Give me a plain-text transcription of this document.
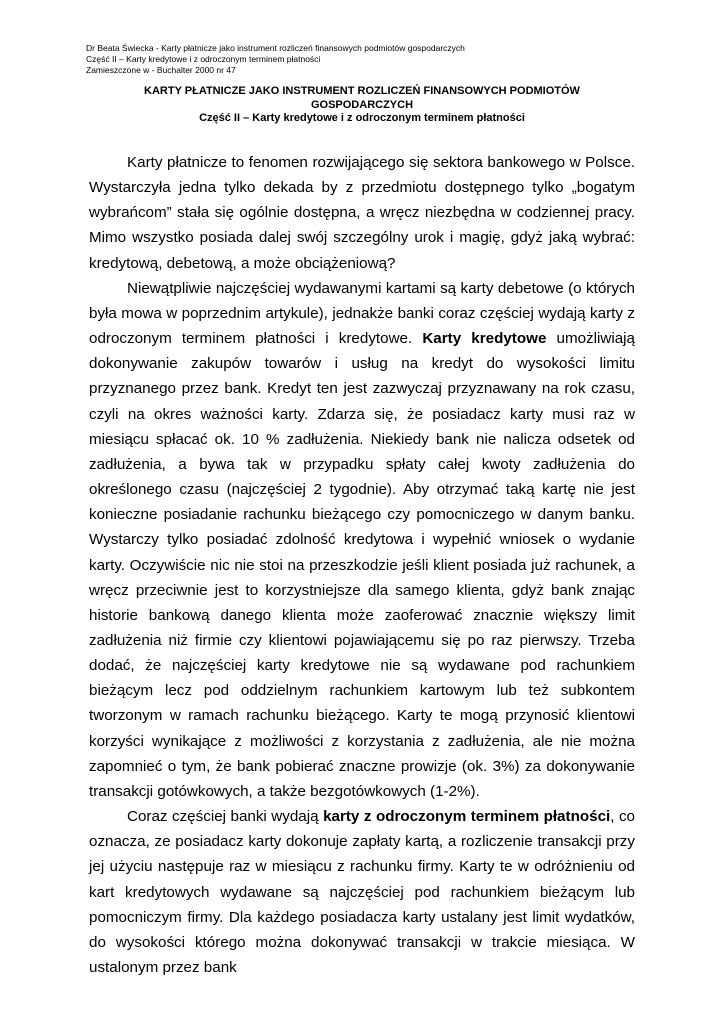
Dr Beata Świecka - Karty płatnicze jako instrument rozliczeń finansowych podmiotów gospodarczych
Część II – Karty kredytowe i z odroczonym terminem płatności
Zamieszczone w - Buchalter 2000 nr 47
KARTY PŁATNICZE JAKO INSTRUMENT ROZLICZEŃ FINANSOWYCH PODMIOTÓW
GOSPODARCZYCH
Część II – Karty kredytowe i z odroczonym terminem płatności

Karty płatnicze to fenomen rozwijającego się sektora bankowego w Polsce. Wystarczyła jedna tylko dekada by z przedmiotu dostępnego tylko „bogatym wybrańcom” stała się ogólnie dostępna, a wręcz niezbędna w codziennej pracy. Mimo wszystko posiada dalej swój szczególny urok i magię, gdyż jaką wybrać: kredytową, debetową, a może obciążeniową?

Niewątpliwie najczęściej wydawanymi kartami są karty debetowe (o których była mowa w poprzednim artykule), jednakże banki coraz częściej wydają karty z odroczonym terminem płatności i kredytowe. Karty kredytowe umożliwiają dokonywanie zakupów towarów i usług na kredyt do wysokości limitu przyznanego przez bank. Kredyt ten jest zazwyczaj przyznawany na rok czasu, czyli na okres ważności karty. Zdarza się, że posiadacz karty musi raz w miesiącu spłacać ok. 10 % zadłużenia. Niekiedy bank nie nalicza odsetek od zadłużenia, a bywa tak w przypadku spłaty całej kwoty zadłużenia do określonego czasu (najczęściej 2 tygodnie). Aby otrzymać taką kartę nie jest konieczne posiadanie rachunku bieżącego czy pomocniczego w danym banku. Wystarczy tylko posiadać zdolność kredytowa i wypełnić wniosek o wydanie karty. Oczywiście nic nie stoi na przeszkodzie jeśli klient posiada już rachunek, a wręcz przeciwnie jest to korzystniejsze dla samego klienta, gdyż bank znając historie bankową danego klienta może zaoferować znacznie większy limit zadłużenia niż firmie czy klientowi pojawiającemu się po raz pierwszy. Trzeba dodać, że najczęściej karty kredytowe nie są wydawane pod rachunkiem bieżącym lecz pod oddzielnym rachunkiem kartowym lub też subkontem tworzonym w ramach rachunku bieżącego. Karty te mogą przynosić klientowi korzyści wynikające z możliwości z korzystania z zadłużenia, ale nie można zapomnieć o tym, że bank pobierać znaczne prowizje (ok. 3%) za dokonywanie transakcji gotówkowych, a także bezgotówkowych (1-2%).

Coraz częściej banki wydają karty z odroczonym terminem płatności, co oznacza, ze posiadacz karty dokonuje zapłaty kartą, a rozliczenie transakcji przy jej użyciu następuje raz w miesiącu z rachunku firmy. Karty te w odróżnieniu od kart kredytowych wydawane są najczęściej pod rachunkiem bieżącym lub pomocniczym firmy. Dla każdego posiadacza karty ustalany jest limit wydatków, do wysokości którego można dokonywać transakcji w trakcie miesiąca. W ustalonym przez bank
